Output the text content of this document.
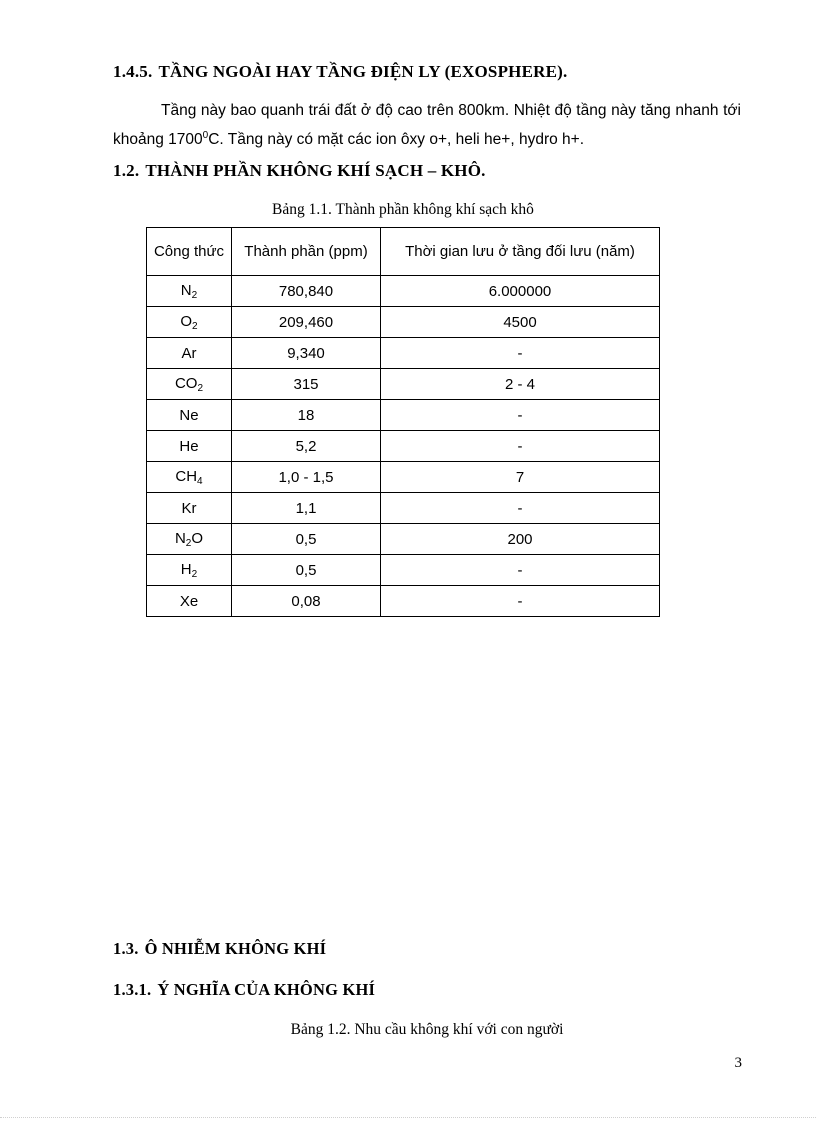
1.4.5. TẦNG NGOÀI HAY TẦNG ĐIỆN LY (EXOSPHERE).
Tầng này bao quanh trái đất ở độ cao trên 800km. Nhiệt độ tầng này tăng nhanh tới khoảng 1700$^0$C. Tầng này có mặt các ion ôxy o+, heli he+, hydro h+.
1.2. THÀNH PHẦN KHÔNG KHÍ SẠCH – KHÔ.
Bảng 1.1. Thành phần không khí sạch khô
Công thức	Thành phần (ppm)	Thời gian lưu ở tầng đối lưu (năm)
$N_2$	780,840	6.000000
$O_2$	209,460	4500
Ar	9,340	-
$CO_2$	315	2 - 4
Ne	18	-
He	5,2	-
$CH_4$	1,0 - 1,5	7
Kr	1,1	-
$N_2O$	0,5	200
$H_2$	0,5	-
Xe	0,08	-
1.3. Ô NHIỄM KHÔNG KHÍ
1.3.1. Ý NGHĨA CỦA KHÔNG KHÍ
Bảng 1.2. Nhu cầu không khí với con người
3
